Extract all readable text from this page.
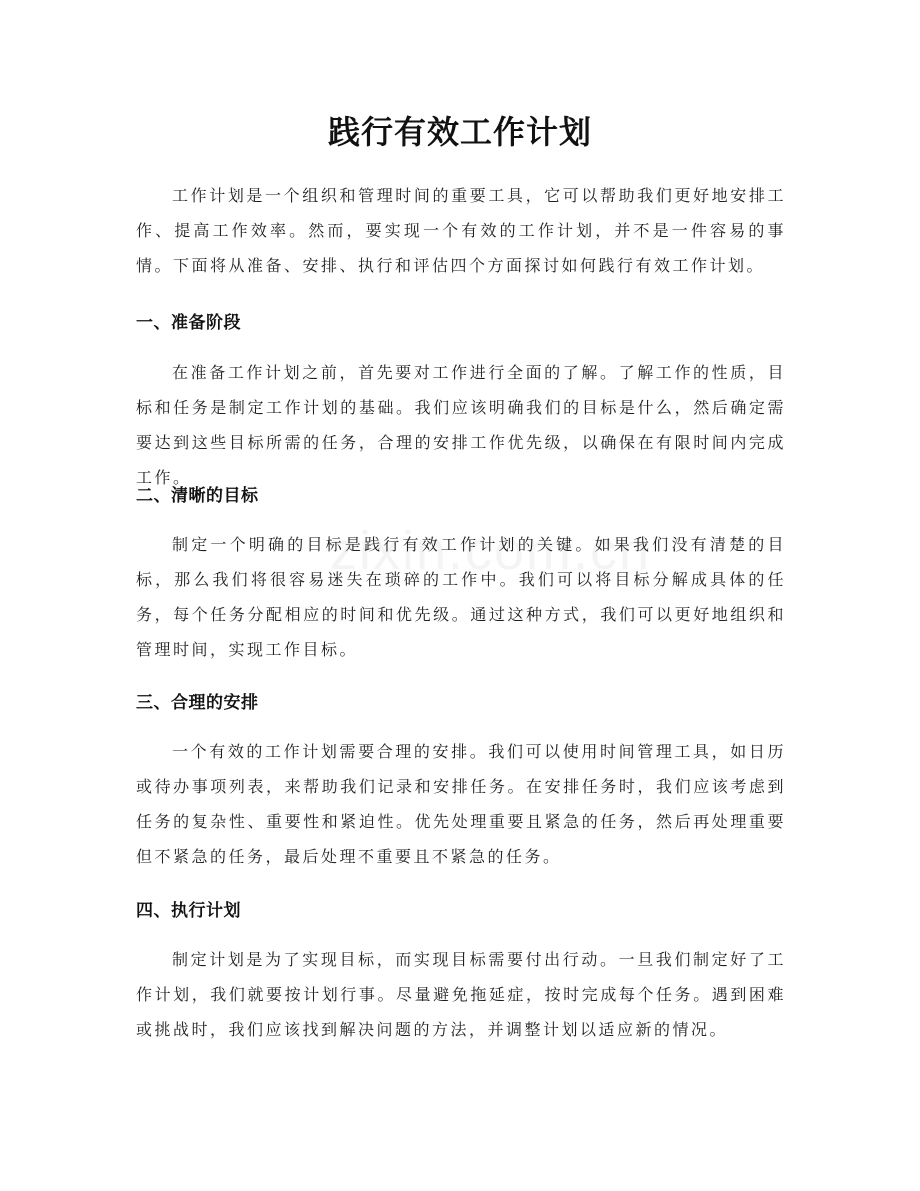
践行有效工作计划
工作计划是一个组织和管理时间的重要工具，它可以帮助我们更好地安排工作、提高工作效率。然而，要实现一个有效的工作计划，并不是一件容易的事情。下面将从准备、安排、执行和评估四个方面探讨如何践行有效工作计划。
一、准备阶段
在准备工作计划之前，首先要对工作进行全面的了解。了解工作的性质，目标和任务是制定工作计划的基础。我们应该明确我们的目标是什么，然后确定需要达到这些目标所需的任务，合理的安排工作优先级，以确保在有限时间内完成工作。
二、清晰的目标
制定一个明确的目标是践行有效工作计划的关键。如果我们没有清楚的目标，那么我们将很容易迷失在琐碎的工作中。我们可以将目标分解成具体的任务，每个任务分配相应的时间和优先级。通过这种方式，我们可以更好地组织和管理时间，实现工作目标。
三、合理的安排
一个有效的工作计划需要合理的安排。我们可以使用时间管理工具，如日历或待办事项列表，来帮助我们记录和安排任务。在安排任务时，我们应该考虑到任务的复杂性、重要性和紧迫性。优先处理重要且紧急的任务，然后再处理重要但不紧急的任务，最后处理不重要且不紧急的任务。
四、执行计划
制定计划是为了实现目标，而实现目标需要付出行动。一旦我们制定好了工作计划，我们就要按计划行事。尽量避免拖延症，按时完成每个任务。遇到困难或挑战时，我们应该找到解决问题的方法，并调整计划以适应新的情况。
